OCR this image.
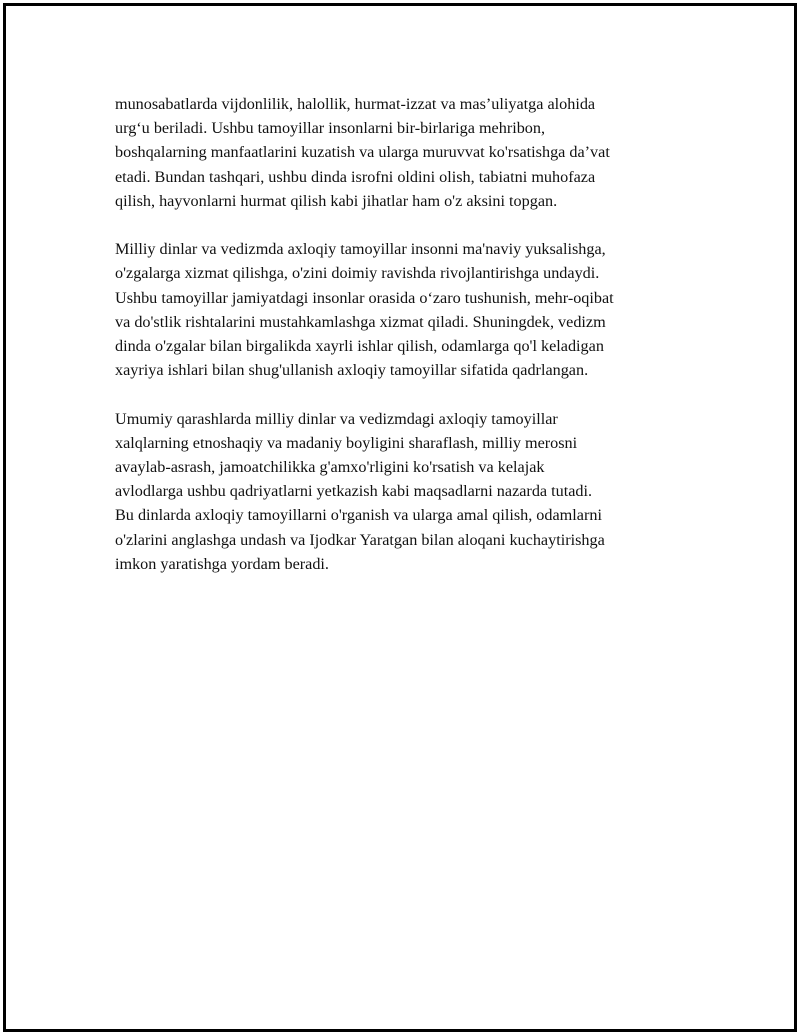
munosabatlarda vijdonlilik, halollik, hurmat-izzat va mas’uliyatga alohida
urg‘u beriladi. Ushbu tamoyillar insonlarni bir-birlariga mehribon,
boshqalarning manfaatlarini kuzatish va ularga muruvvat ko'rsatishga da’vat
etadi. Bundan tashqari, ushbu dinda isrofni oldini olish, tabiatni muhofaza
qilish, hayvonlarni hurmat qilish kabi jihatlar ham o'z aksini topgan.

Milliy dinlar va vedizmda axloqiy tamoyillar insonni ma'naviy yuksalishga,
o'zgalarga xizmat qilishga, o'zini doimiy ravishda rivojlantirishga undaydi.
Ushbu tamoyillar jamiyatdagi insonlar orasida o‘zaro tushunish, mehr-oqibat
va do'stlik rishtalarini mustahkamlashga xizmat qiladi. Shuningdek, vedizm
dinda o'zgalar bilan birgalikda xayrli ishlar qilish, odamlarga qo'l keladigan
xayriya ishlari bilan shug'ullanish axloqiy tamoyillar sifatida qadrlangan.

Umumiy qarashlarda milliy dinlar va vedizmdagi axloqiy tamoyillar
xalqlarning etnoshaqiy va madaniy boyligini sharaflash, milliy merosni
avaylab-asrash, jamoatchilikka g'amxo'rligini ko'rsatish va kelajak
avlodlarga ushbu qadriyatlarni yetkazish kabi maqsadlarni nazarda tutadi.
Bu dinlarda axloqiy tamoyillarni o'rganish va ularga amal qilish, odamlarni
o'zlarini anglashga undash va Ijodkar Yaratgan bilan aloqani kuchaytirishga
imkon yaratishga yordam beradi.
